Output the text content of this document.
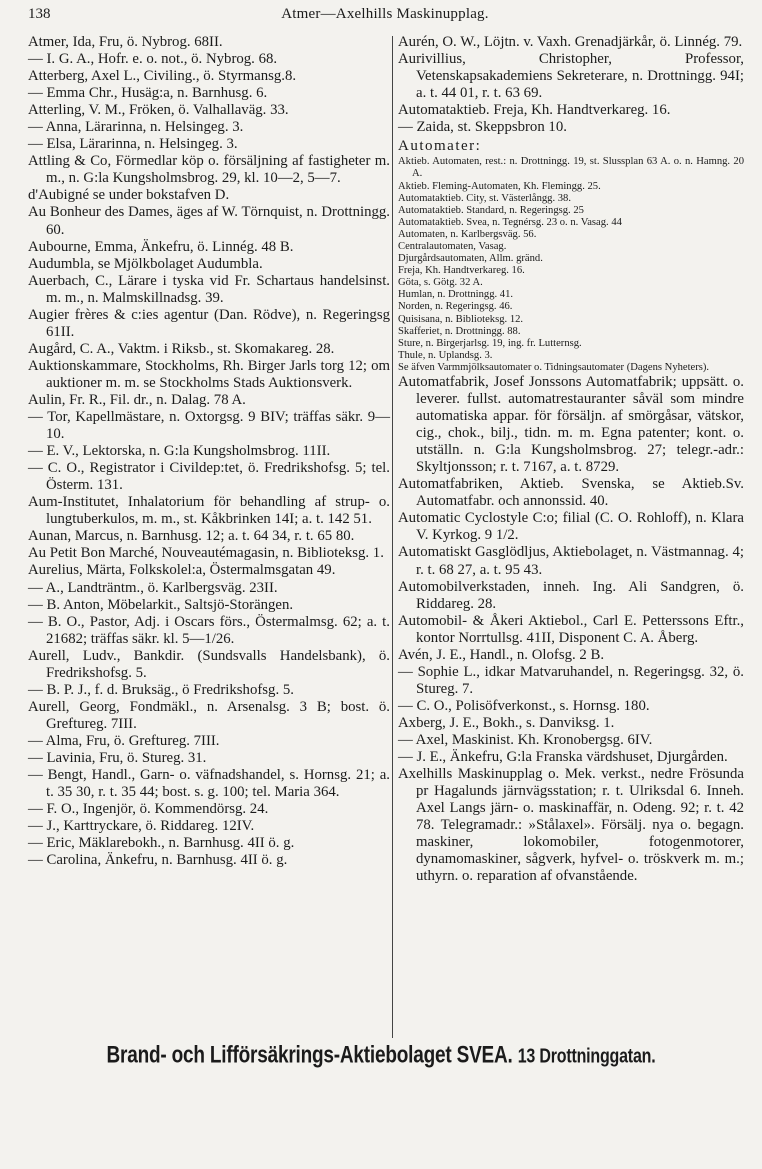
138	Atmer—Axelhills Maskinupplag.

Atmer, Ida, Fru, ö. Nybrog. 68II.

— I. G. A., Hofr. e. o. not., ö. Nybrog. 68.

Atterberg, Axel L., Civiling., ö. Styrmansg.8.

— Emma Chr., Husäg:a, n. Barnhusg. 6.

Atterling, V. M., Fröken, ö. Valhallaväg. 33.

— Anna, Lärarinna, n. Helsingeg. 3.

— Elsa, Lärarinna, n. Helsingeg. 3.

Attling & Co, Förmedlar köp o. försäljning af fastigheter m. m., n. G:la Kungsholmsbrog. 29, kl. 10—2, 5—7.

d'Aubigné se under bokstafven D.

Au Bonheur des Dames, äges af W. Törnquist, n. Drottningg. 60.

Aubourne, Emma, Änkefru, ö. Linnég. 48 B.

Audumbla, se Mjölkbolaget Audumbla.

Auerbach, C., Lärare i tyska vid Fr. Schartaus handelsinst. m. m., n. Malmskillnadsg. 39.

Augier frères & c:ies agentur (Dan. Rödve), n. Regeringsg 61II.

Augård, C. A., Vaktm. i Riksb., st. Skomakareg. 28.

Auktionskammare, Stockholms, Rh. Birger Jarls torg 12; om auktioner m. m. se Stockholms Stads Auktionsverk.

Aulin, Fr. R., Fil. dr., n. Dalag. 78 A.

— Tor, Kapellmästare, n. Oxtorgsg. 9 BIV; träffas säkr. 9—10.

— E. V., Lektorska, n. G:la Kungsholmsbrog. 11II.

— C. O., Registrator i Civildep:tet, ö. Fredrikshofsg. 5; tel. Österm. 131.

Aum-Institutet, Inhalatorium för behandling af strup- o. lungtuberkulos, m. m., st. Kåkbrinken 14I; a. t. 142 51.

Aunan, Marcus, n. Barnhusg. 12; a. t. 64 34, r. t. 65 80.

Au Petit Bon Marché, Nouveautémagasin, n. Biblioteksg. 1.

Aurelius, Märta, Folkskolel:a, Östermalmsgatan 49.

— A., Landträntm., ö. Karlbergsväg. 23II.

— B. Anton, Möbelarkit., Saltsjö-Storängen.

— B. O., Pastor, Adj. i Oscars förs., Östermalmsg. 62; a. t. 21682; träffas säkr. kl. 5—1/26.

Aurell, Ludv., Bankdir. (Sundsvalls Handelsbank), ö. Fredrikshofsg. 5.

— B. P. J., f. d. Bruksäg., ö Fredrikshofsg. 5.

Aurell, Georg, Fondmäkl., n. Arsenalsg. 3 B; bost. ö. Greftureg. 7III.

— Alma, Fru, ö. Greftureg. 7III.

— Lavinia, Fru, ö. Stureg. 31.

— Bengt, Handl., Garn- o. väfnadshandel, s. Hornsg. 21; a. t. 35 30, r. t. 35 44; bost. s. g. 100; tel. Maria 364.

— F. O., Ingenjör, ö. Kommendörsg. 24.

— J., Karttryckare, ö. Riddareg. 12IV.

— Eric, Mäklarebokh., n. Barnhusg. 4II ö. g.

— Carolina, Änkefru, n. Barnhusg. 4II ö. g.

Aurén, O. W., Löjtn. v. Vaxh. Grenadjärkår, ö. Linnég. 79.

Aurivillius, Christopher, Professor, Vetenskapsakademiens Sekreterare, n. Drottningg. 94I; a. t. 44 01, r. t. 63 69.

Automataktieb. Freja, Kh. Handtverkareg. 16.

— Zaida, st. Skeppsbron 10.

Automater:

Aktieb. Automaten, rest.: n. Drottningg. 19, st. Slussplan 63 A. o. n. Hamng. 20 A.

Aktieb. Fleming-Automaten, Kh. Flemingg. 25.

Automataktieb. City, st. Västerlångg. 38.

Automataktieb. Standard, n. Regeringsg. 25

Automataktieb. Svea, n. Tegnérsg. 23 o. n. Vasag. 44

Automaten, n. Karlbergsväg. 56.

Centralautomaten, Vasag.

Djurgårdsautomaten, Allm. gränd.

Freja, Kh. Handtverkareg. 16.

Göta, s. Götg. 32 A.

Humlan, n. Drottningg. 41.

Norden, n. Regeringsg. 46.

Quisisana, n. Biblioteksg. 12.

Skafferiet, n. Drottningg. 88.

Sture, n. Birgerjarlsg. 19, ing. fr. Lutternsg.

Thule, n. Uplandsg. 3.

Se äfven Varmmjölksautomater o. Tidningsautomater (Dagens Nyheters).

Automatfabrik, Josef Jonssons Automatfabrik; uppsätt. o. leverer. fullst. automatrestauranter såväl som mindre automatiska appar. för försäljn. af smörgåsar, vätskor, cig., chok., bilj., tidn. m. m. Egna patenter; kont. o. utställn. n. G:la Kungsholmsbrog. 27; telegr.-adr.: Skyltjonsson; r. t. 7167, a. t. 8729.

Automatfabriken, Aktieb. Svenska, se Aktieb.Sv. Automatfabr. och annonssid. 40.

Automatic Cyclostyle C:o; filial (C. O. Rohloff), n. Klara V. Kyrkog. 9 1/2.

Automatiskt Gasglödljus, Aktiebolaget, n. Västmannag. 4; r. t. 68 27, a. t. 95 43.

Automobilverkstaden, inneh. Ing. Ali Sandgren, ö. Riddareg. 28.

Automobil- & Åkeri Aktiebol., Carl E. Petterssons Eftr., kontor Norrtullsg. 41II, Disponent C. A. Åberg.

Avén, J. E., Handl., n. Olofsg. 2 B.

— Sophie L., idkar Matvaruhandel, n. Regeringsg. 32, ö. Stureg. 7.

— C. O., Polisöfverkonst., s. Hornsg. 180.

Axberg, J. E., Bokh., s. Danviksg. 1.

— Axel, Maskinist. Kh. Kronobergsg. 6IV.

— J. E., Änkefru, G:la Franska värdshuset, Djurgården.

Axelhills Maskinupplag o. Mek. verkst., nedre Frösunda pr Hagalunds järnvägsstation; r. t. Ulriksdal 6. Inneh. Axel Langs järn- o. maskinaffär, n. Odeng. 92; r. t. 42 78. Telegramadr.: »Stålaxel». Försälj. nya o. begagn. maskiner, lokomobiler, fotogenmotorer, dynamomaskiner, sågverk, hyfvel- o. tröskverk m. m.; uthyrn. o. reparation af ofvanstående.

Brand- och Lifförsäkrings-Aktiebolaget SVEA. 13 Drottninggatan.
